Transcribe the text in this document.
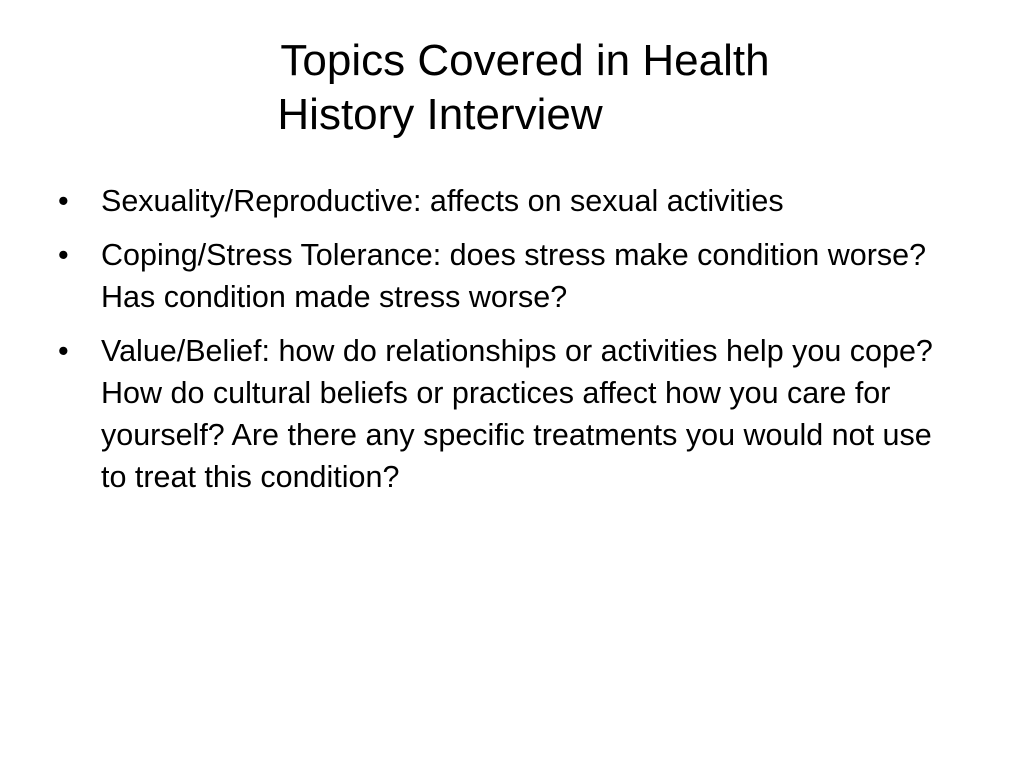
Topics Covered in Health
History Interview
•	Sexuality/Reproductive: affects on sexual activities
•	Coping/Stress Tolerance: does stress make condition worse? Has condition made stress worse?
•	Value/Belief: how do relationships or activities help you cope? How do cultural beliefs or practices affect how you care for yourself? Are there any specific treatments you would not use to treat this condition?
